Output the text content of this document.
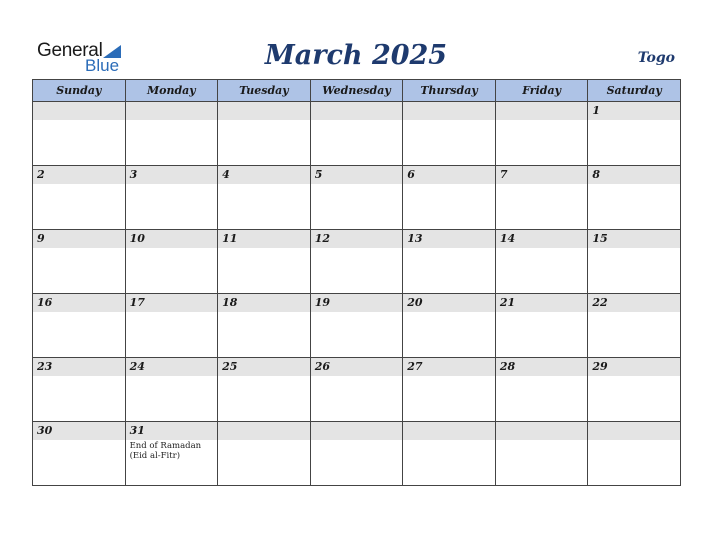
General
Blue	March 2025	Togo
Sunday	Monday	Tuesday	Wednesday	Thursday	Friday	Saturday

						1

2	3	4	5	6	7	8

9	10	11	12	13	14	15

16	17	18	19	20	21	22

23	24	25	26	27	28	29

30	31
End of Ramadan (Eid al-Fitr)					
